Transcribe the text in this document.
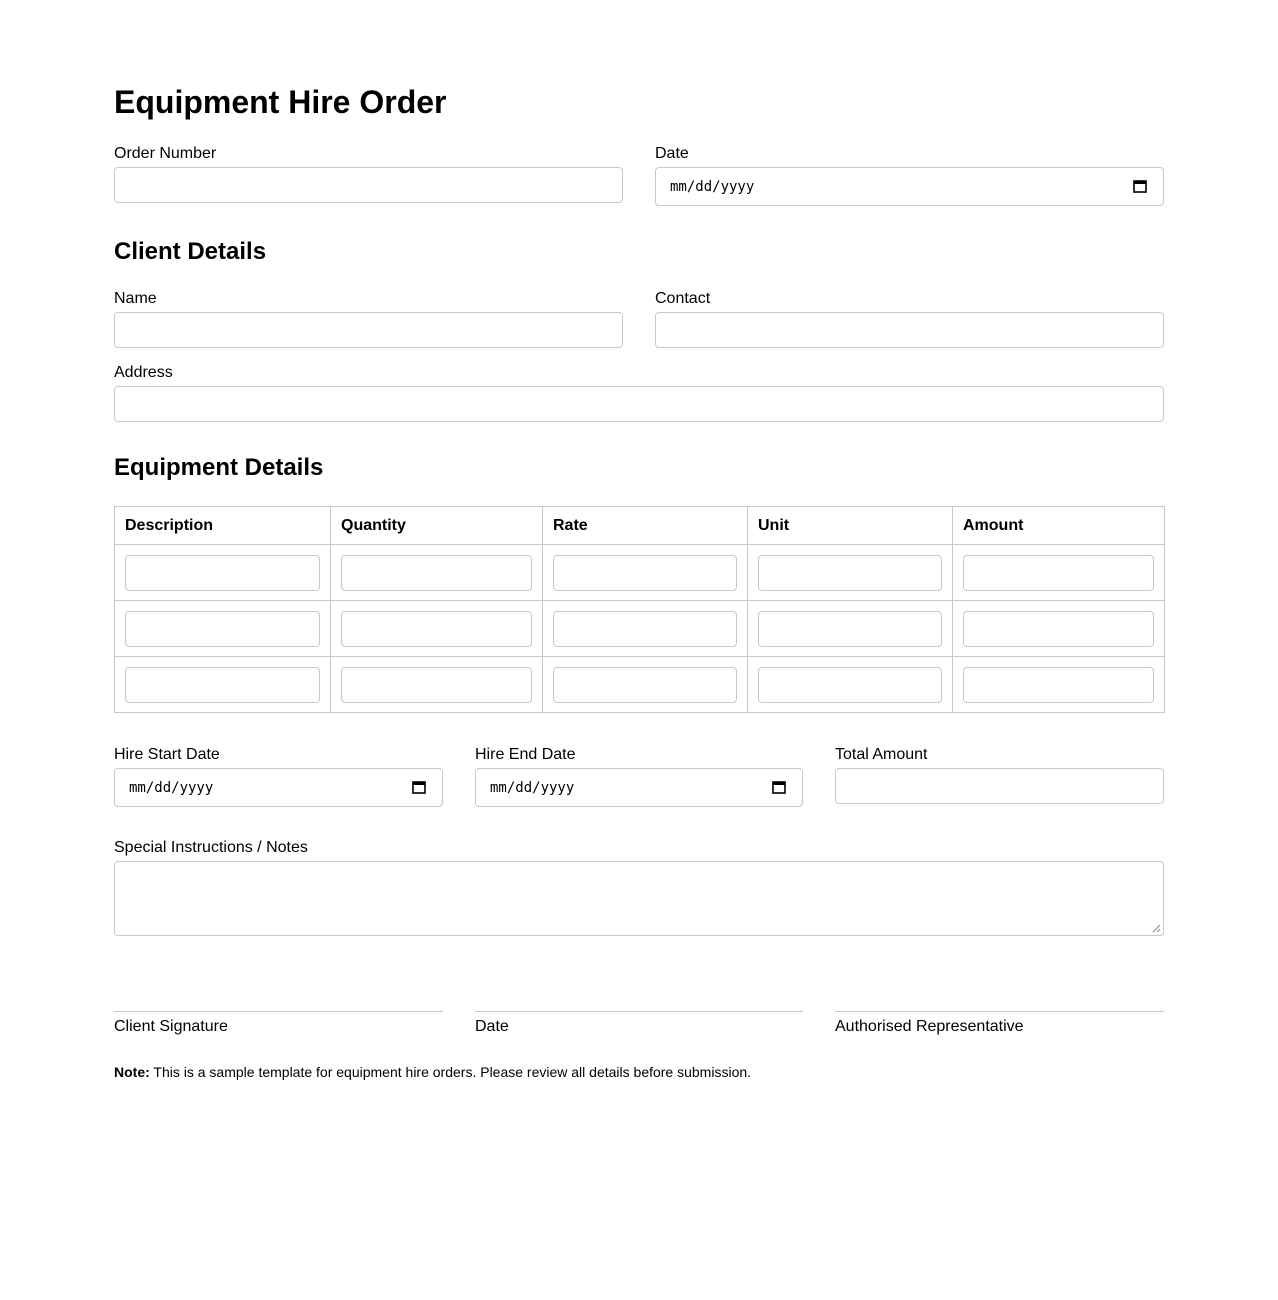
Equipment Hire Order
Order Number	Date
mm/dd/yyyy
Client Details
Name	Contact
Address
Equipment Details
Description	Quantity	Rate	Unit	Amount

Hire Start Date
mm/dd/yyyy
Hire End Date
mm/dd/yyyy
Total Amount
Special Instructions / Notes
Client Signature	Date	Authorised Representative
Note: This is a sample template for equipment hire orders. Please review all details before submission.
